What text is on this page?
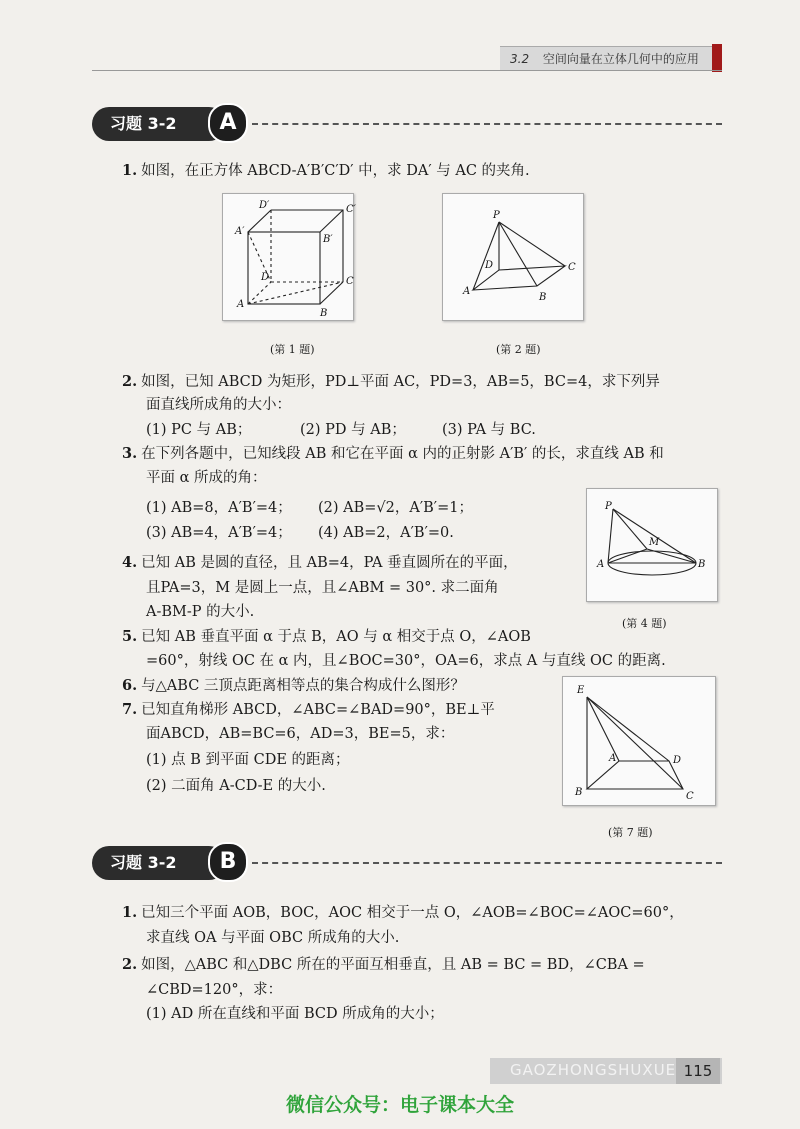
3.2 空间向量在立体几何中的应用
习题 3-2	A
1. 如图，在正方体 ABCD-A′B′C′D′ 中，求 DA′ 与 AC 的夹角.
D′	C′
A′
B′
D	C
A
B
(第 1 题)
P
D	C
A
B
(第 2 题)
2. 如图，已知 ABCD 为矩形，PD⊥平面 AC，PD=3，AB=5，BC=4，求下列异
面直线所成角的大小：
(1) PC 与 AB；	(2) PD 与 AB； (3) PA 与 BC.
3. 在下列各题中，已知线段 AB 和它在平面 α 内的正射影 A′B′ 的长，求直线 AB 和
平面 α 所成的角：
(1) AB=8，A′B′=4； (2) AB=√2，A′B′=1；
(3) AB=4，A′B′=4； (4) AB=2，A′B′=0.
P
M
A	B
(第 4 题)
4. 已知 AB 是圆的直径，且 AB=4，PA 垂直圆所在的平面，
且PA=3，M 是圆上一点，且∠ABM = 30°. 求二面角
A-BM-P 的大小.
5. 已知 AB 垂直平面 α 于点 B，AO 与 α 相交于点 O，∠AOB
=60°，射线 OC 在 α 内，且∠BOC=30°，OA=6，求点 A 与直线 OC 的距离.
6. 与△ABC 三顶点距离相等点的集合构成什么图形？	E
A	D
B	C
(第 7 题)
7. 已知直角梯形 ABCD，∠ABC=∠BAD=90°，BE⊥平
面ABCD，AB=BC=6，AD=3，BE=5，求：
(1) 点 B 到平面 CDE 的距离；
(2) 二面角 A-CD-E 的大小.
习题 3-2	B
1. 已知三个平面 AOB，BOC，AOC 相交于一点 O，∠AOB=∠BOC=∠AOC=60°，
求直线 OA 与平面 OBC 所成角的大小.
2. 如图，△ABC 和△DBC 所在的平面互相垂直，且 AB = BC = BD，∠CBA =
∠CBD=120°，求：
(1) AD 所在直线和平面 BCD 所成角的大小；
GAOZHONGSHUXUE 115
微信公众号：电子课本大全
